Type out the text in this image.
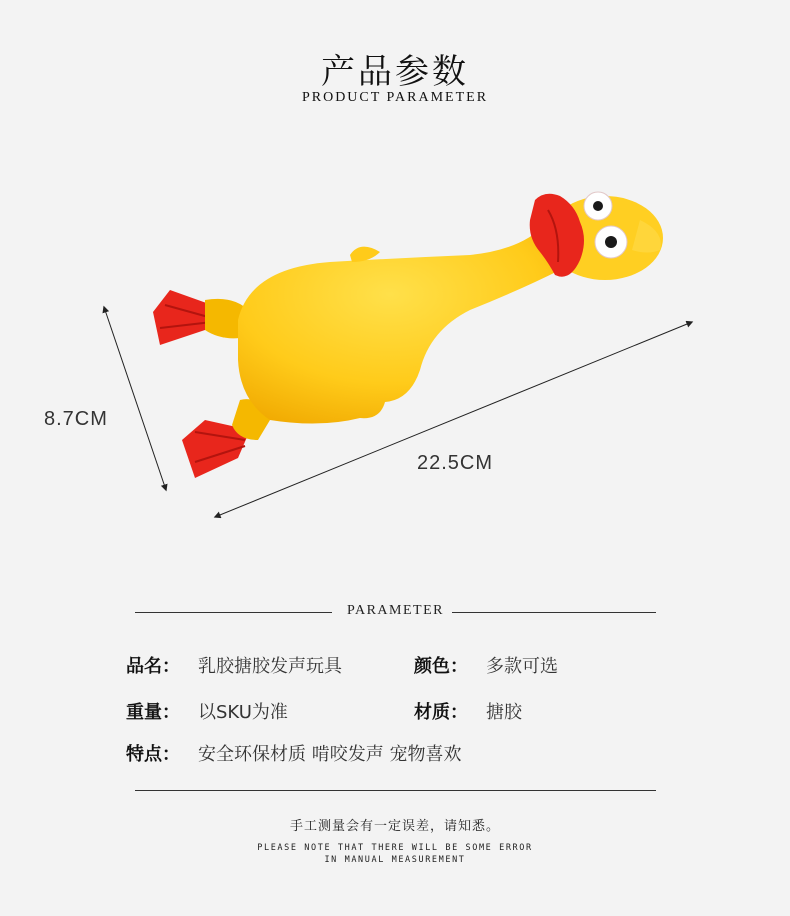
产品参数
PRODUCT PARAMETER
8.7CM
22.5CM
PARAMETER
品名： 乳胶搪胶发声玩具	颜色： 多款可选
重量： 以SKU为准	材质： 搪胶
特点： 安全环保材质 啃咬发声 宠物喜欢
手工测量会有一定误差，请知悉。
PLEASE NOTE THAT THERE WILL BE SOME ERROR
IN MANUAL MEASUREMENT
